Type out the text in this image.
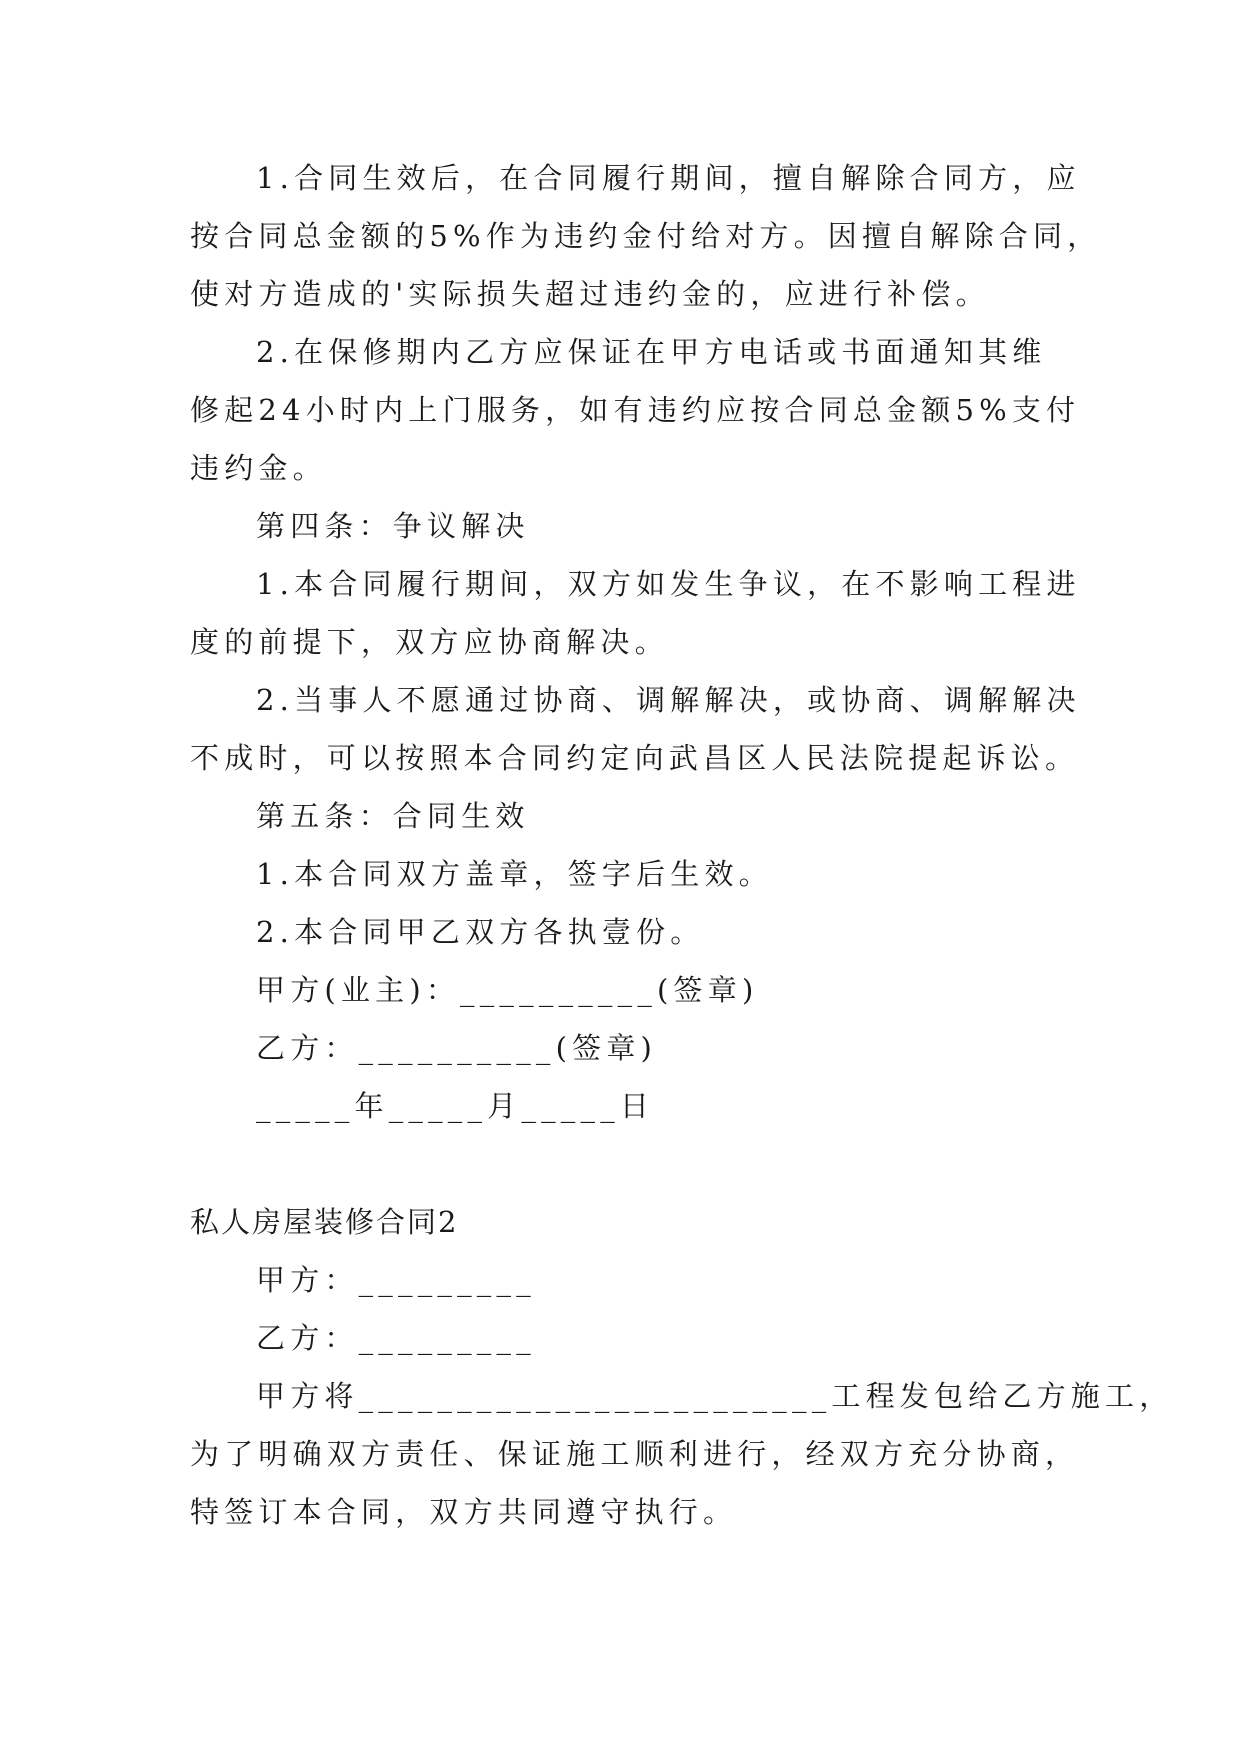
1.合同生效后，在合同履行期间，擅自解除合同方，应
按合同总金额的5%作为违约金付给对方。因擅自解除合同，
使对方造成的'实际损失超过违约金的，应进行补偿。
2.在保修期内乙方应保证在甲方电话或书面通知其维
修起24小时内上门服务，如有违约应按合同总金额5%支付
违约金。
第四条：争议解决
1.本合同履行期间，双方如发生争议，在不影响工程进
度的前提下，双方应协商解决。
2.当事人不愿通过协商、调解解决，或协商、调解解决
不成时，可以按照本合同约定向武昌区人民法院提起诉讼。
第五条：合同生效
1.本合同双方盖章，签字后生效。
2.本合同甲乙双方各执壹份。
甲方(业主)：__________(签章)
乙方：__________(签章)
_____年_____月_____日
私人房屋装修合同2
甲方：_________
乙方：_________
甲方将________________________工程发包给乙方施工，
为了明确双方责任、保证施工顺利进行，经双方充分协商，
特签订本合同，双方共同遵守执行。
